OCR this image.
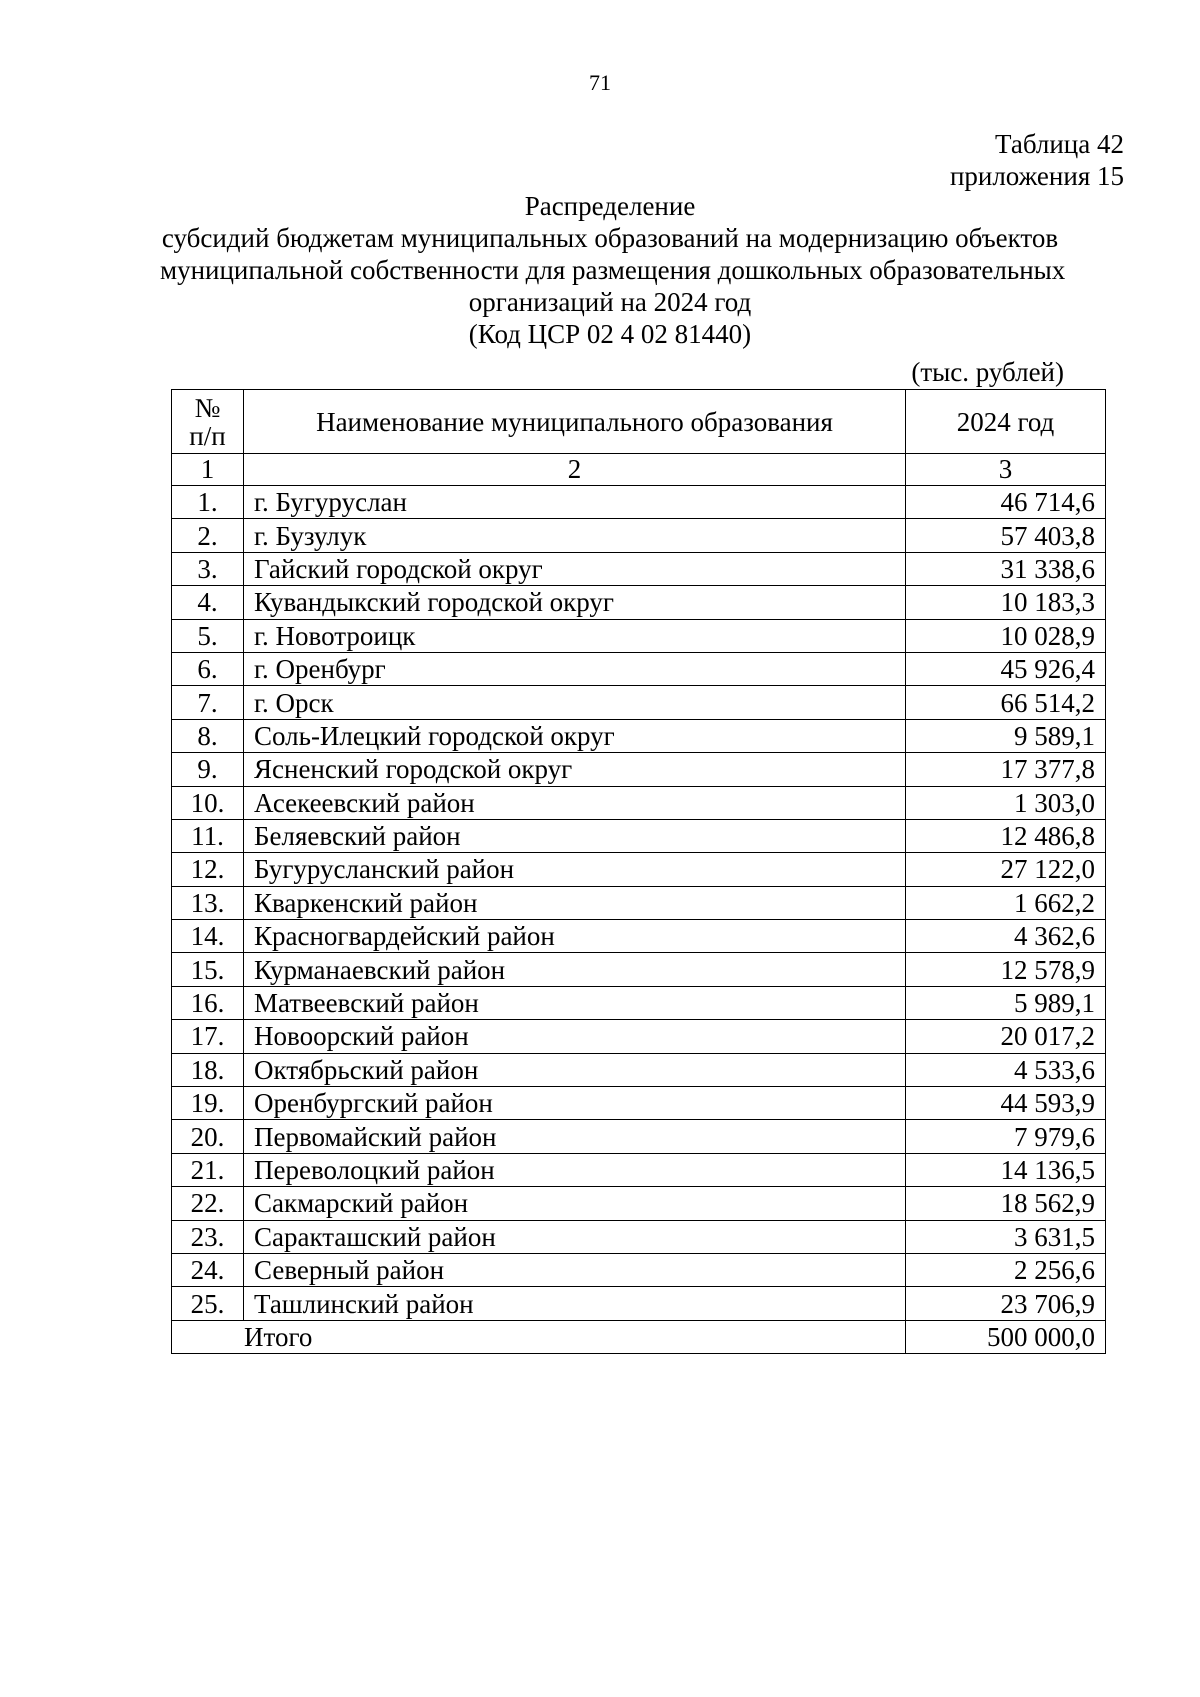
71
Таблица 42
приложения 15
Распределение
субсидий бюджетам муниципальных образований на модернизацию объектов
муниципальной собственности для размещения дошкольных образовательных
организаций на 2024 год
(Код ЦСР 02 4 02 81440)
(тыс. рублей)
№
п/п	Наименование муниципального образования	2024 год
1	2	3
1.	г. Бугуруслан	46 714,6
2.	г. Бузулук	57 403,8
3.	Гайский городской округ	31 338,6
4.	Кувандыкский городской округ	10 183,3
5.	г. Новотроицк	10 028,9
6.	г. Оренбург	45 926,4
7.	г. Орск	66 514,2
8.	Соль-Илецкий городской округ	9 589,1
9.	Ясненский городской округ	17 377,8
10.	Асекеевский район	1 303,0
11.	Беляевский район	12 486,8
12.	Бугурусланский район	27 122,0
13.	Кваркенский район	1 662,2
14.	Красногвардейский район	4 362,6
15.	Курманаевский район	12 578,9
16.	Матвеевский район	5 989,1
17.	Новоорский район	20 017,2
18.	Октябрьский район	4 533,6
19.	Оренбургский район	44 593,9
20.	Первомайский район	7 979,6
21.	Переволоцкий район	14 136,5
22.	Сакмарский район	18 562,9
23.	Саракташский район	3 631,5
24.	Северный район	2 256,6
25.	Ташлинский район	23 706,9
Итого		500 000,0
